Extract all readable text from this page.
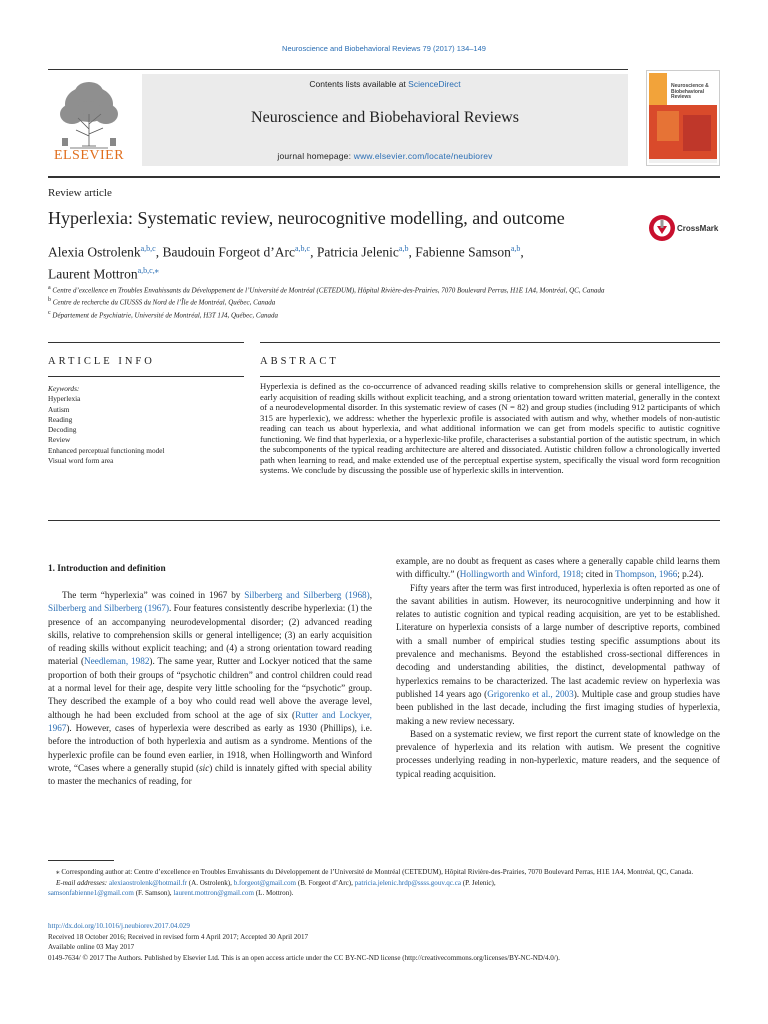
Neuroscience and Biobehavioral Reviews 79 (2017) 134–149
ELSEVIER
Contents lists available at ScienceDirect
Neuroscience and Biobehavioral Reviews
journal homepage: www.elsevier.com/locate/neubiorev
Neuroscience & Biobehavioral Reviews
Review article
Hyperlexia: Systematic review, neurocognitive modelling, and outcome
CrossMark
Alexia Ostrolenk$^{a,b,c}$, Baudouin Forgeot d’Arc$^{a,b,c}$, Patricia Jelenic$^{a,b}$, Fabienne Samson$^{a,b}$,
Laurent Mottron$^{a,b,c,⁎}$
$^a$ Centre d’excellence en Troubles Envahissants du Développement de l’Université de Montréal (CETEDUM), Hôpital Rivière-des-Prairies, 7070 Boulevard Perras, H1E 1A4, Montréal, QC, Canada
$^b$ Centre de recherche du CIUSSS du Nord de l’Île de Montréal, Québec, Canada
$^c$ Département de Psychiatrie, Université de Montréal, H3T 1J4, Québec, Canada
ARTICLE INFO	ABSTRACT
Keywords:
Hyperlexia
Autism
Reading
Decoding
Review
Enhanced perceptual functioning model
Visual word form area
Hyperlexia is defined as the co-occurrence of advanced reading skills relative to comprehension skills or general intelligence, the early acquisition of reading skills without explicit teaching, and a strong orientation toward written material, generally in the context of a neurodevelopmental disorder. In this systematic review of cases (N = 82) and group studies (including 912 participants of which 315 are hyperlexic), we address: whether the hyperlexic profile is associated with autism and why, whether models of non-autistic reading can teach us about hyperlexia, and what additional information we can get from models specific to autistic cognitive functioning. We find that hyperlexia, or a hyperlexic-like profile, characterises a substantial portion of the autistic spectrum, in which the subcomponents of the typical reading architecture are altered and dissociated. Autistic children follow a chronologically inverted path when learning to read, and make extended use of the perceptual expertise system, specifically the visual word form recognition systems. We conclude by discussing the possible use of hyperlexic skills in intervention.
1. Introduction and definition

The term “hyperlexia” was coined in 1967 by Silberberg and Silberberg (1968), Silberberg and Silberberg (1967). Four features consistently describe hyperlexia: (1) the presence of an accompanying neurodevelopmental disorder; (2) advanced reading skills, relative to comprehension skills or general intelligence; (3) an early acquisition of reading skills without explicit teaching; and (4) a strong orientation toward reading material (Needleman, 1982). The same year, Rutter and Lockyer noticed that the same proportion of both their groups of “psychotic children” and control children could read at a normal level for their age, despite very little schooling for the “psychotic” group. They described the example of a boy who could read well above the average level, although he had been excluded from school at the age of six (Rutter and Lockyer, 1967). However, cases of hyperlexia were described as early as 1930 (Phillips), i.e. before the introduction of both hyperlexia and autism as a syndrome. Mentions of the hyperlexic profile can be found even earlier, in 1918, when Hollingworth and Winford wrote, “Cases where a generally stupid (sic) child is innately gifted with special ability to master the mechanics of reading, for

example, are no doubt as frequent as cases where a generally capable child learns them with difficulty.” (Hollingworth and Winford, 1918; cited in Thompson, 1966; p.24).

Fifty years after the term was first introduced, hyperlexia is often reported as one of the savant abilities in autism. However, its neurocognitive underpinning and how it relates to autistic cognition and typical reading acquisition, are yet to be established. Literature on hyperlexia consists of a large number of descriptive reports, combined with a small number of empirical studies testing specific assumptions about its prevalence and mechanisms. Beyond the established cross-sectional differences in decoding and understanding abilities, the distinct, developmental pathway of hyperlexics remains to be characterized. The last academic review on hyperlexia was published 14 years ago (Grigorenko et al., 2003). Multiple case and group studies have been published in the last decade, including the first imaging studies of hyperlexia, making a new review necessary.

Based on a systematic review, we first report the current state of knowledge on the prevalence of hyperlexia and its relation with autism. We present the cognitive processes underlying reading in non-hyperlexic, mature readers, and the sequence of typical reading acquisition.

⁎ Corresponding author at: Centre d’excellence en Troubles Envahissants du Développement de l’Université de Montréal (CETEDUM), Hôpital Rivière-des-Prairies, 7070 Boulevard Perras, H1E 1A4, Montréal, QC, Canada.

E-mail addresses: alexiaostrolenk@hotmail.fr (A. Ostrolenk), b.forgeot@gmail.com (B. Forgeot d’Arc), patricia.jelenic.hrdp@ssss.gouv.qc.ca (P. Jelenic),
samsonfabienne1@gmail.com (F. Samson), laurent.mottron@gmail.com (L. Mottron).

http://dx.doi.org/10.1016/j.neubiorev.2017.04.029

Received 18 October 2016; Received in revised form 4 April 2017; Accepted 30 April 2017

Available online 03 May 2017

0149-7634/ © 2017 The Authors. Published by Elsevier Ltd. This is an open access article under the CC BY-NC-ND license (http://creativecommons.org/licenses/BY-NC-ND/4.0/).
